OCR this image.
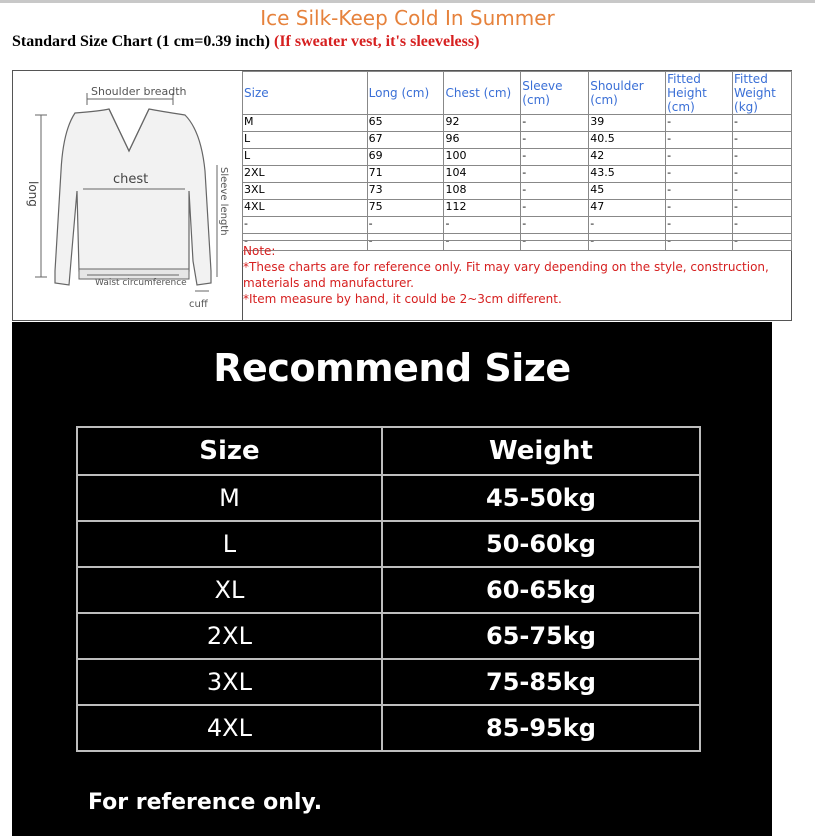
Ice Silk-Keep Cold In Summer
Standard Size Chart (1 cm=0.39 inch) (If sweater vest, it's sleeveless)
Shoulder breadth
chest
long	Sleeve length
Waist circumference
cuff
Size	Long (cm)	Chest (cm)	Sleeve (cm)	Shoulder (cm)	Fitted Height (cm)	Fitted Weight (kg)
M	65	92	-	39	-	-
L	67	96	-	40.5	-	-
L	69	100	-	42	-	-
2XL	71	104	-	43.5	-	-
3XL	73	108	-	45	-	-
4XL	75	112	-	47	-	-
-	-	-	-	-	-	-
-	-	-	-	-	-	-
Note:
*These charts are for reference only. Fit may vary depending on the style, construction, materials and manufacturer.
*Item measure by hand, it could be 2~3cm different.
Recommend Size
Size	Weight
M	45-50kg
L	50-60kg
XL	60-65kg
2XL	65-75kg
3XL	75-85kg
4XL	85-95kg
For reference only.
